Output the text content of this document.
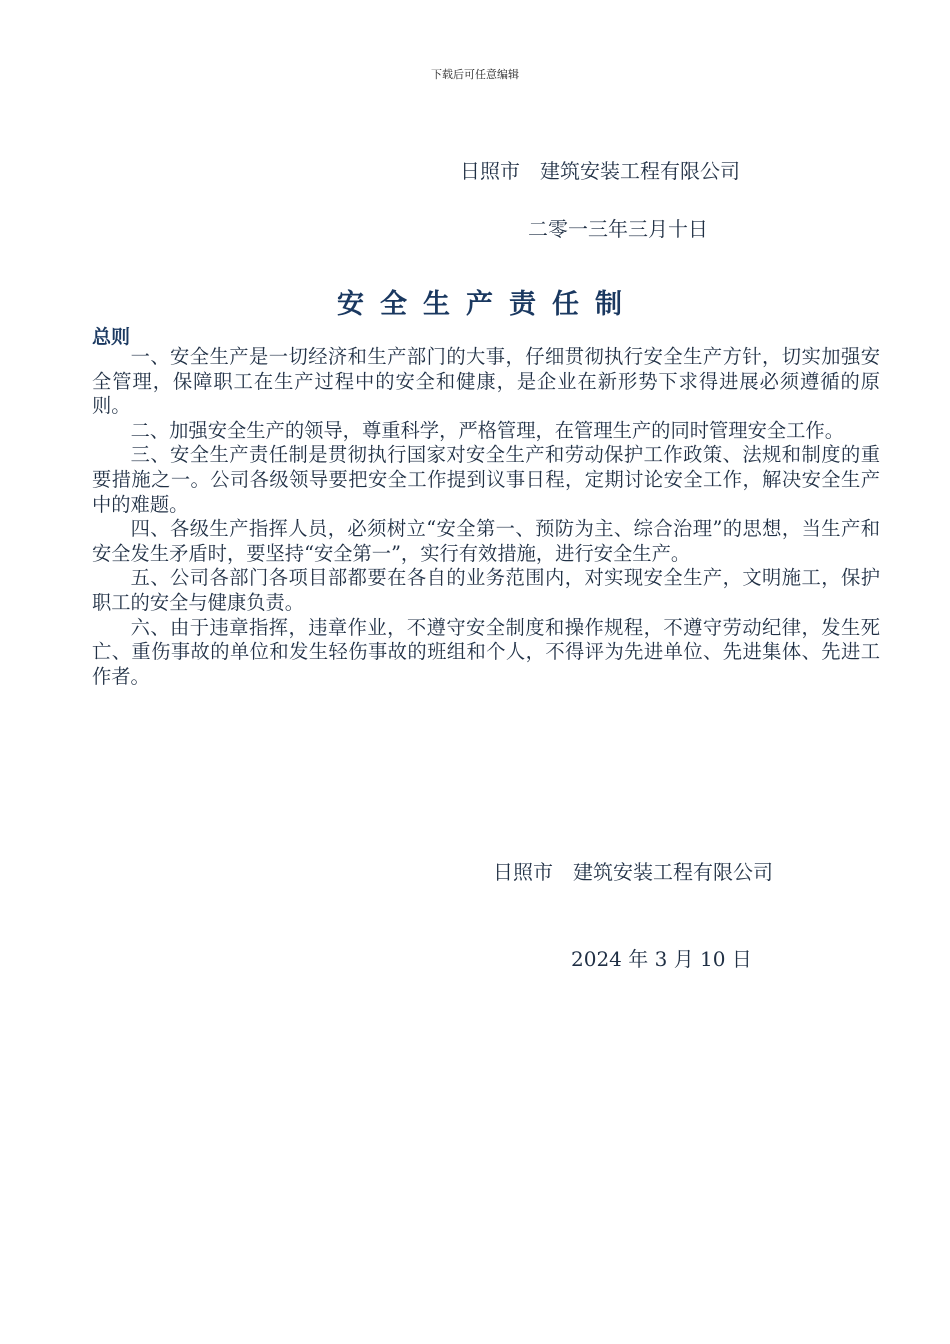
下载后可任意编辑
日照市　建筑安装工程有限公司
二零一三年三月十日
安全生产责任制
总则

一、安全生产是一切经济和生产部门的大事，仔细贯彻执行安全生产方针，切实加强安全管理，保障职工在生产过程中的安全和健康，是企业在新形势下求得进展必须遵循的原则。

二、加强安全生产的领导，尊重科学，严格管理，在管理生产的同时管理安全工作。

三、安全生产责任制是贯彻执行国家对安全生产和劳动保护工作政策、法规和制度的重要措施之一。公司各级领导要把安全工作提到议事日程，定期讨论安全工作，解决安全生产中的难题。

四、各级生产指挥人员，必须树立“安全第一、预防为主、综合治理”的思想，当生产和安全发生矛盾时，要坚持“安全第一”，实行有效措施，进行安全生产。

五、公司各部门各项目部都要在各自的业务范围内，对实现安全生产，文明施工，保护职工的安全与健康负责。

六、由于违章指挥，违章作业，不遵守安全制度和操作规程，不遵守劳动纪律，发生死亡、重伤事故的单位和发生轻伤事故的班组和个人，不得评为先进单位、先进集体、先进工作者。

日照市　建筑安装工程有限公司
2024 年 3 月 10 日
